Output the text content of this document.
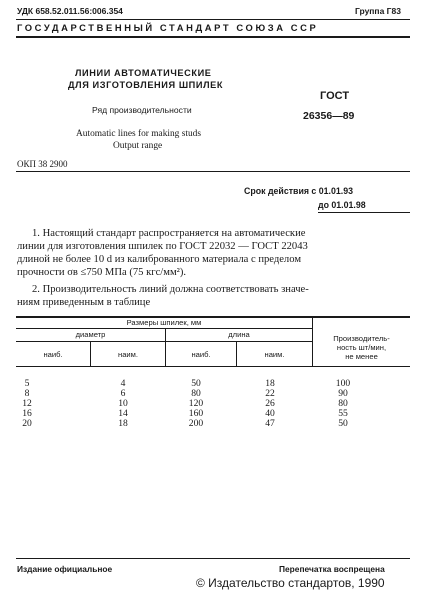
УДК 658.52.011.56:006.354	Группа Г83
ГОСУДАРСТВЕННЫЙ СТАНДАРТ СОЮЗА ССР
ЛИНИИ АВТОМАТИЧЕСКИЕ
ДЛЯ ИЗГОТОВЛЕНИЯ ШПИЛЕК
Ряд производительности
ГОСТ
26356—89
Automatic lines for making studs
Output range
ОКП 38 2900
Срок действия с 01.01.93
до 01.01.98
1. Настоящий стандарт распространяется на автоматические
линии для изготовления шпилек по ГОСТ 22032 — ГОСТ 22043
длиной не более 10 d из калиброванного материала с пределом
прочности σв ≤750 МПа (75 кгс/мм²).
2. Производительность линий должна соответствовать значе-
ниям приведенным в таблице
Размеры шпилек, мм
диаметр	длина
наиб.	наим.	наиб.	наим.
Производитель-
ность шт/мин,
не менее
5	4	50	18	100
8	6	80	22	90
12	10	120	26	80
16	14	160	40	55
20	18	200	47	50
Издание официальное	Перепечатка воспрещена
© Издательство стандартов, 1990
